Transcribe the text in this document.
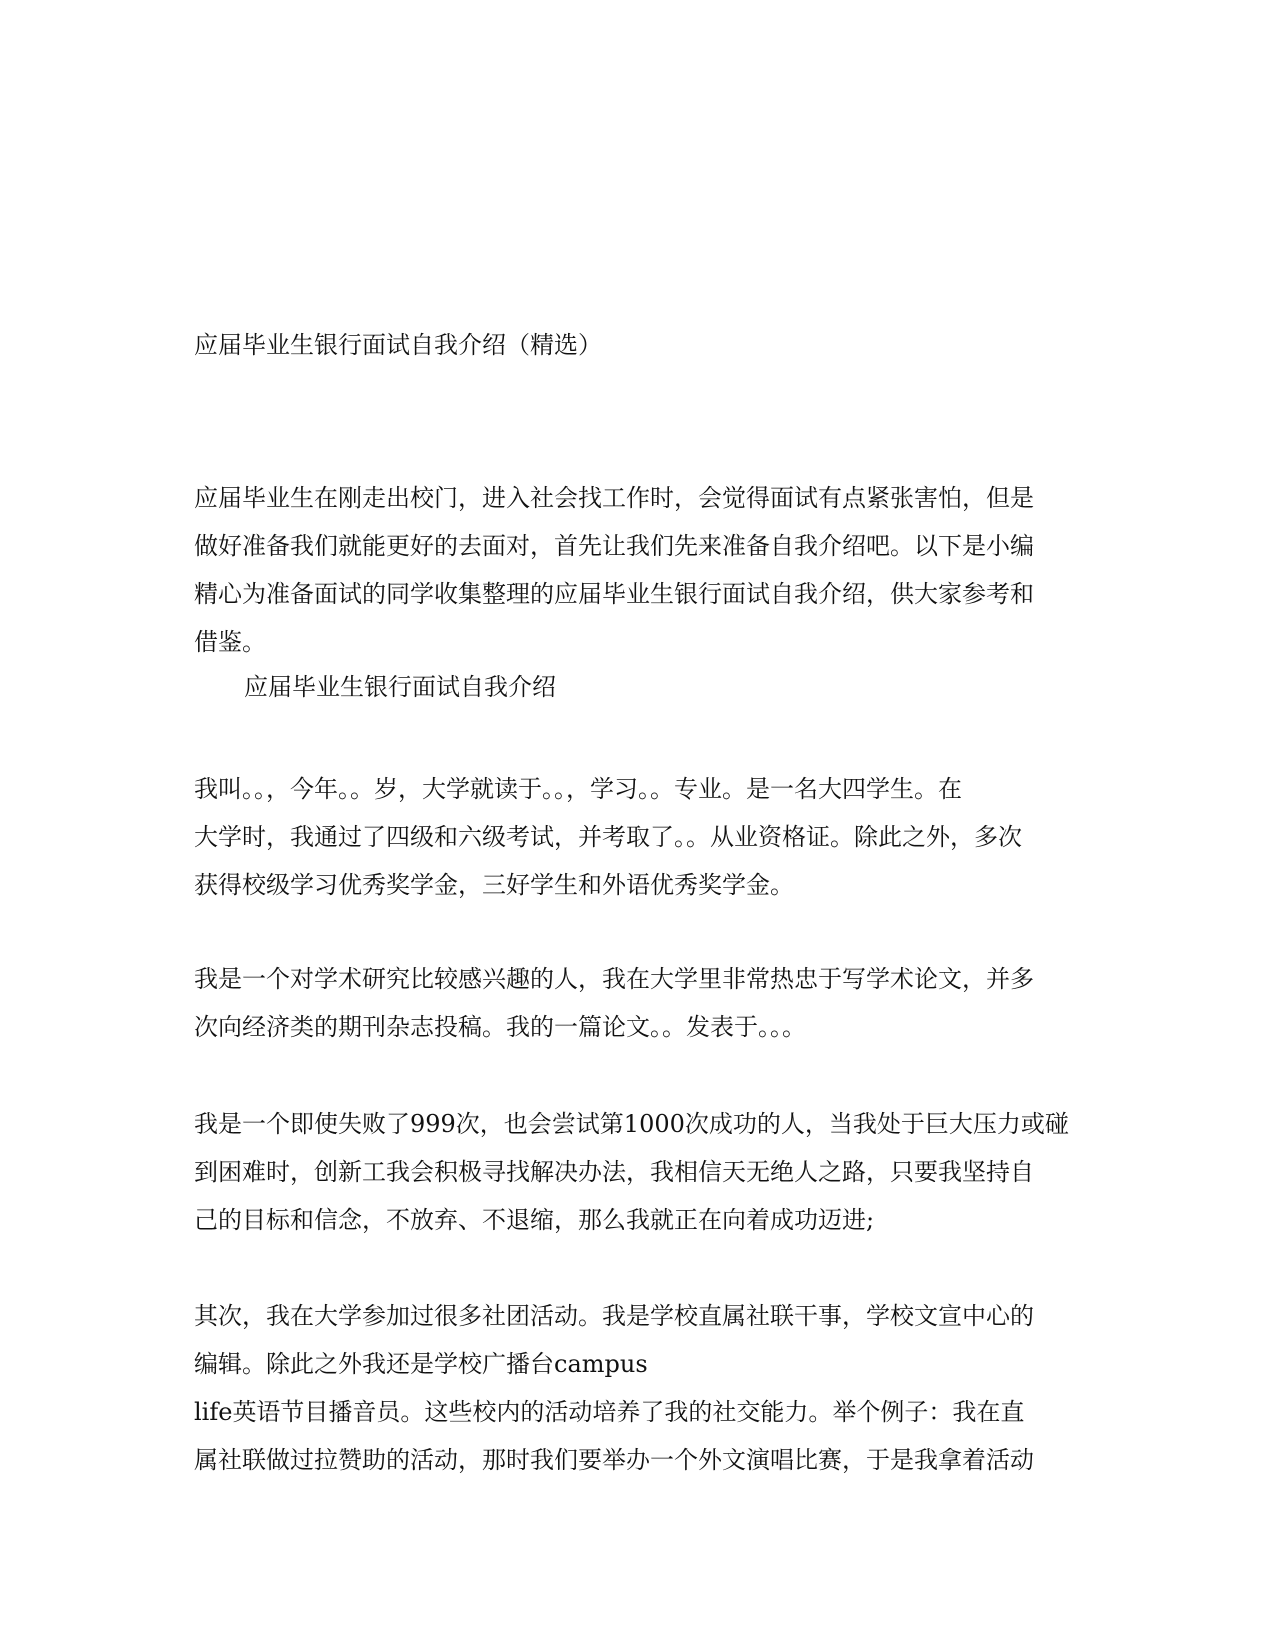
应届毕业生银行面试自我介绍（精选）
应届毕业生在刚走出校门，进入社会找工作时，会觉得面试有点紧张害怕，但是
做好准备我们就能更好的去面对，首先让我们先来准备自我介绍吧。以下是小编
精心为准备面试的同学收集整理的应届毕业生银行面试自我介绍，供大家参考和
借鉴。
应届毕业生银行面试自我介绍
我叫。。，今年。。岁，大学就读于。。，学习。。专业。是一名大四学生。在
大学时，我通过了四级和六级考试，并考取了。。从业资格证。除此之外，多次
获得校级学习优秀奖学金，三好学生和外语优秀奖学金。
我是一个对学术研究比较感兴趣的人，我在大学里非常热忠于写学术论文，并多
次向经济类的期刊杂志投稿。我的一篇论文。。发表于。。。
我是一个即使失败了999次，也会尝试第1000次成功的人，当我处于巨大压力或碰
到困难时，创新工我会积极寻找解决办法，我相信天无绝人之路，只要我坚持自
己的目标和信念，不放弃、不退缩，那么我就正在向着成功迈进;
其次，我在大学参加过很多社团活动。我是学校直属社联干事，学校文宣中心的
编辑。除此之外我还是学校广播台campus
life英语节目播音员。这些校内的活动培养了我的社交能力。举个例子：我在直
属社联做过拉赞助的活动，那时我们要举办一个外文演唱比赛，于是我拿着活动
